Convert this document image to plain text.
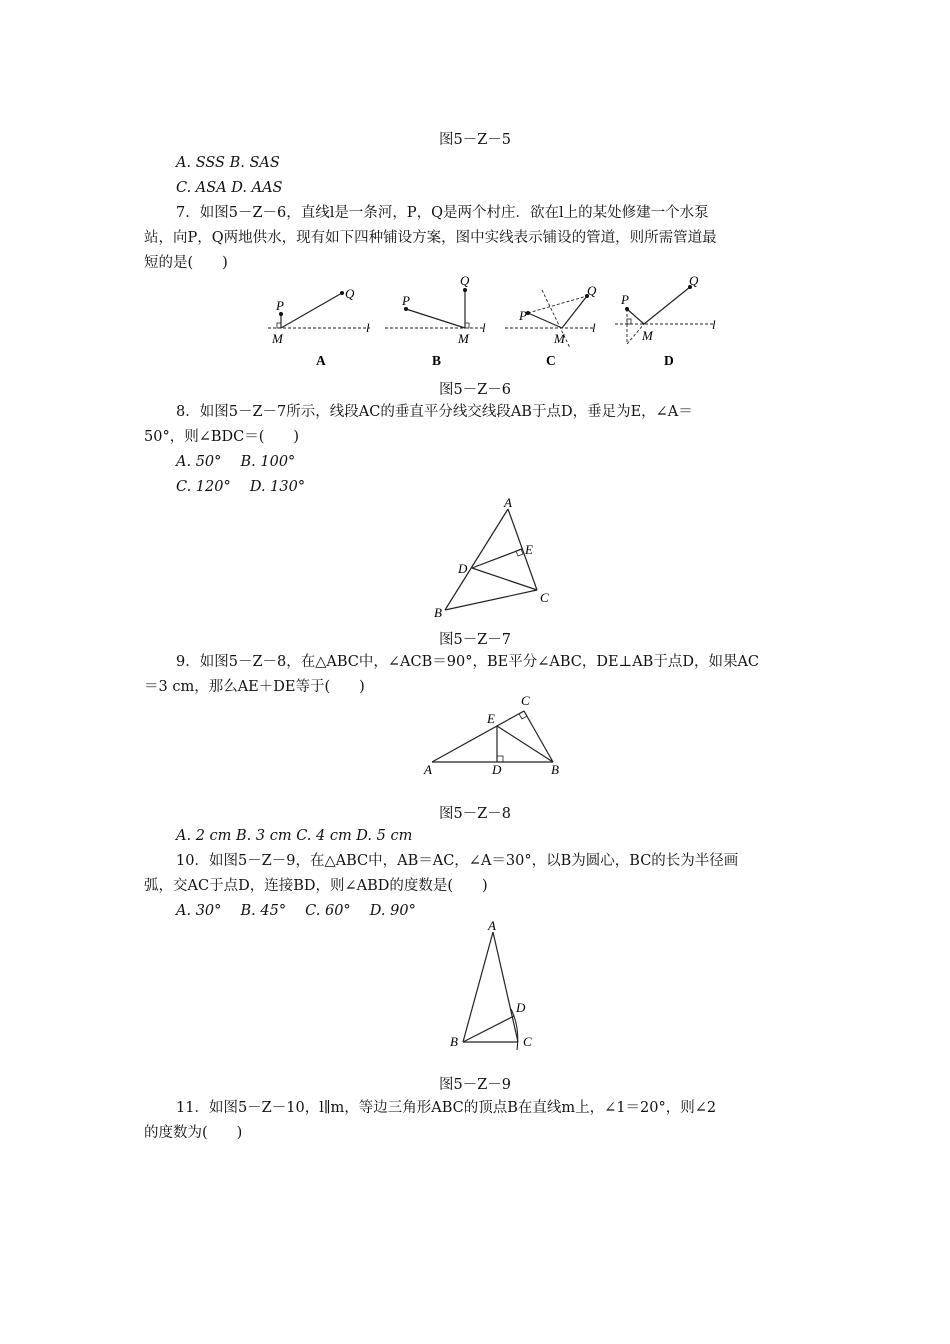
图5－Z－5
A. SSS B. SAS
C. ASA D. AAS
7．如图5－Z－6，直线l是一条河，P，Q是两个村庄．欲在l上的某处修建一个水泵
站，向P，Q两地供水，现有如下四种铺设方案，图中实线表示铺设的管道，则所需管道最
短的是(　　)
P
Q
M
l
A
P
Q
M
l
B
P
Q
M
l
C
P
Q
M
l
D
图5－Z－6
8．如图5－Z－7所示，线段AC的垂直平分线交线段AB于点D，垂足为E，∠A＝
50°，则∠BDC＝(　　)
A. 50°　 B. 100°
C. 120°　 D. 130°
A
B
C
D
E
图5－Z－7
9．如图5－Z－8，在△ABC中，∠ACB＝90°，BE平分∠ABC，DE⊥AB于点D，如果AC
＝3 cm，那么AE＋DE等于(　　)
A	B
C
D
E
图5－Z－8
A. 2 cm B. 3 cm C. 4 cm D. 5 cm
10．如图5－Z－9，在△ABC中，AB＝AC，∠A＝30°，以B为圆心，BC的长为半径画
弧，交AC于点D，连接BD，则∠ABD的度数是(　　)
A. 30°　 B. 45°　 C. 60°　 D. 90°
A
B	C
D
图5－Z－9
11．如图5－Z－10，l∥m，等边三角形ABC的顶点B在直线m上，∠1＝20°，则∠2
的度数为(　　)
